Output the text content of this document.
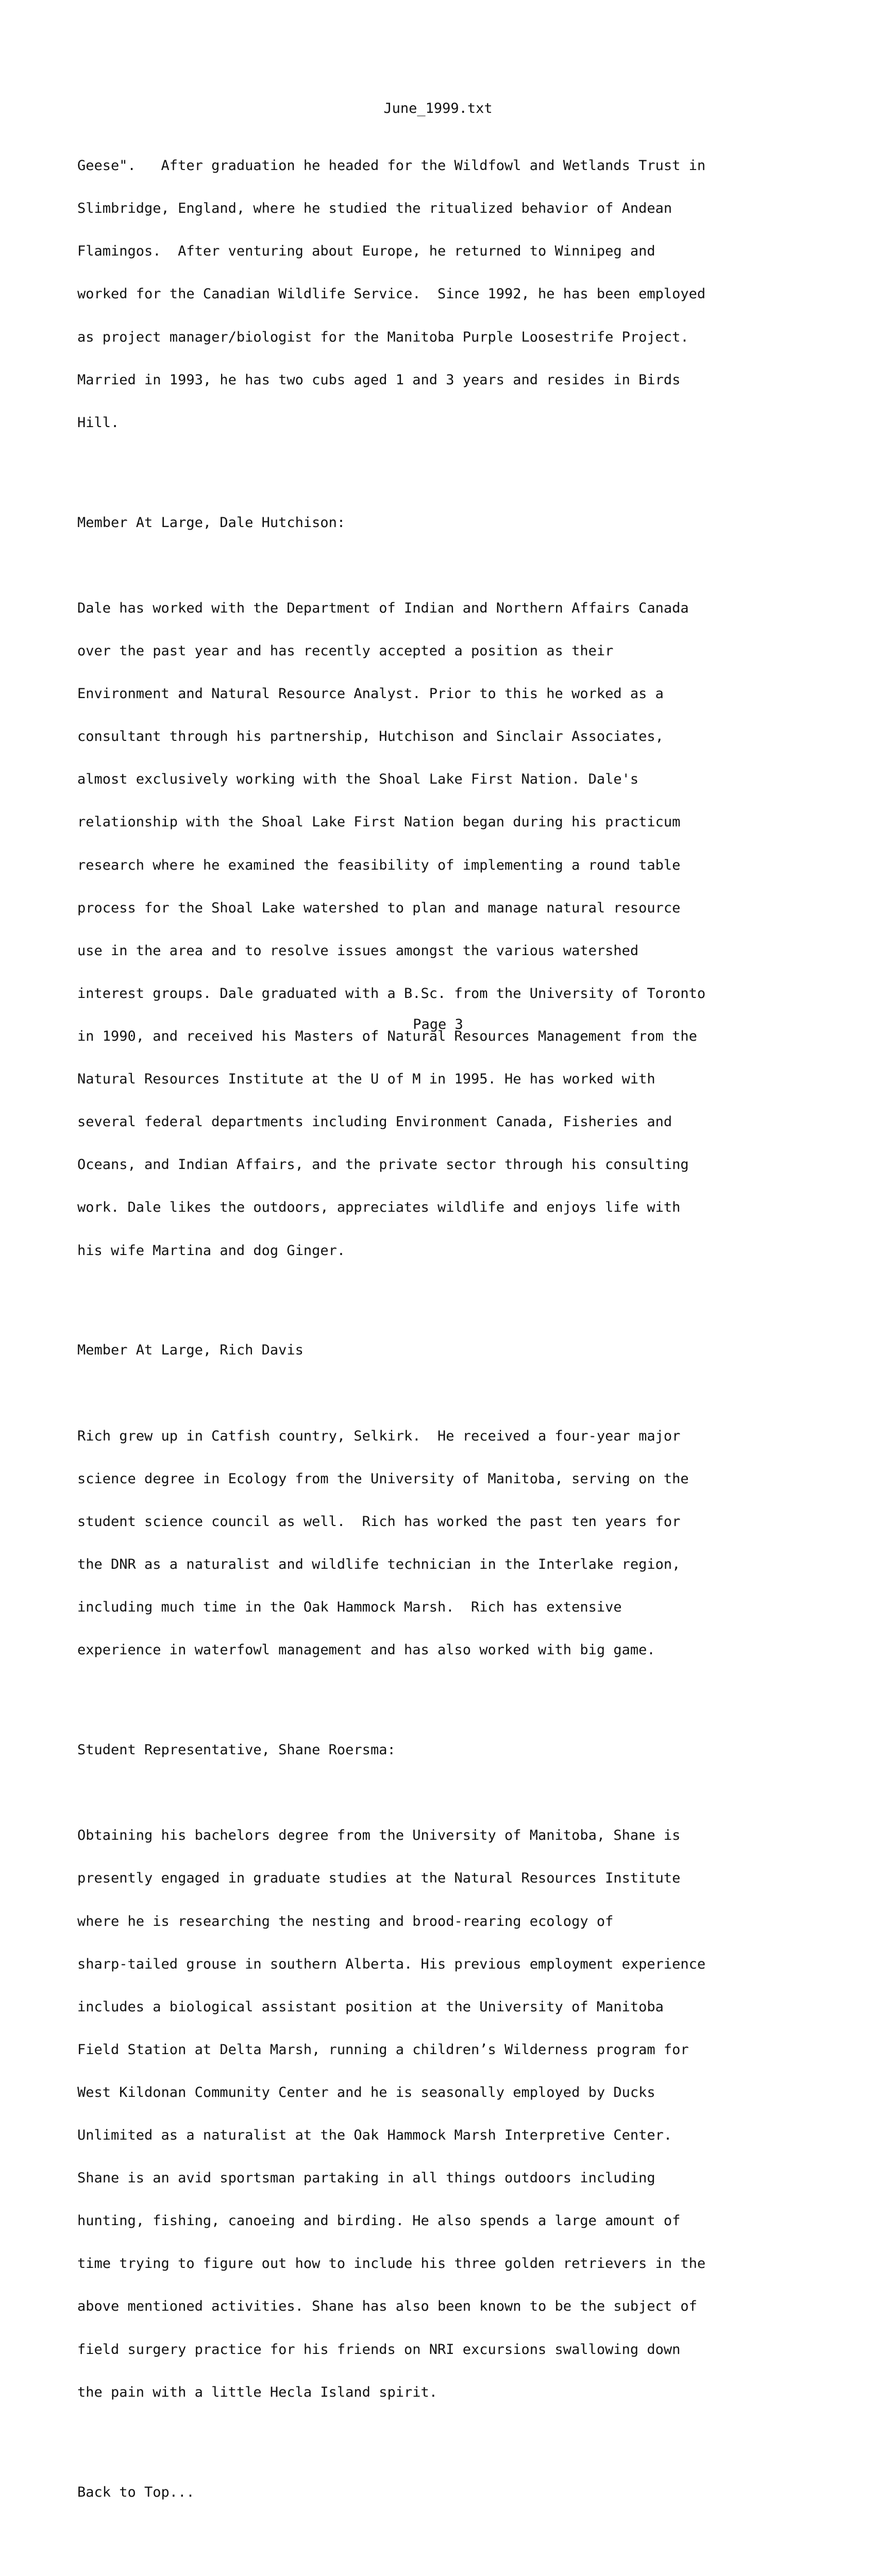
June_1999.txt

Geese".   After graduation he headed for the Wildfowl and Wetlands Trust in

Slimbridge, England, where he studied the ritualized behavior of Andean

Flamingos.  After venturing about Europe, he returned to Winnipeg and

worked for the Canadian Wildlife Service.  Since 1992, he has been employed

as project manager/biologist for the Manitoba Purple Loosestrife Project.

Married in 1993, he has two cubs aged 1 and 3 years and resides in Birds

Hill.

Member At Large, Dale Hutchison:

Dale has worked with the Department of Indian and Northern Affairs Canada

over the past year and has recently accepted a position as their

Environment and Natural Resource Analyst. Prior to this he worked as a

consultant through his partnership, Hutchison and Sinclair Associates,

almost exclusively working with the Shoal Lake First Nation. Dale's

relationship with the Shoal Lake First Nation began during his practicum

research where he examined the feasibility of implementing a round table

process for the Shoal Lake watershed to plan and manage natural resource

use in the area and to resolve issues amongst the various watershed

interest groups. Dale graduated with a B.Sc. from the University of Toronto

in 1990, and received his Masters of Natural Resources Management from the

Natural Resources Institute at the U of M in 1995. He has worked with

several federal departments including Environment Canada, Fisheries and

Oceans, and Indian Affairs, and the private sector through his consulting

work. Dale likes the outdoors, appreciates wildlife and enjoys life with

his wife Martina and dog Ginger.

Member At Large, Rich Davis

Rich grew up in Catfish country, Selkirk.  He received a four-year major

science degree in Ecology from the University of Manitoba, serving on the

student science council as well.  Rich has worked the past ten years for

the DNR as a naturalist and wildlife technician in the Interlake region,

including much time in the Oak Hammock Marsh.  Rich has extensive

experience in waterfowl management and has also worked with big game.

Student Representative, Shane Roersma:

Obtaining his bachelors degree from the University of Manitoba, Shane is

presently engaged in graduate studies at the Natural Resources Institute

where he is researching the nesting and brood-rearing ecology of

sharp-tailed grouse in southern Alberta. His previous employment experience

includes a biological assistant position at the University of Manitoba

Field Station at Delta Marsh, running a children’s Wilderness program for

West Kildonan Community Center and he is seasonally employed by Ducks

Unlimited as a naturalist at the Oak Hammock Marsh Interpretive Center.

Shane is an avid sportsman partaking in all things outdoors including

hunting, fishing, canoeing and birding. He also spends a large amount of

time trying to figure out how to include his three golden retrievers in the

above mentioned activities. Shane has also been known to be the subject of

field surgery practice for his friends on NRI excursions swallowing down

the pain with a little Hecla Island spirit.

Back to Top...

Page 3
